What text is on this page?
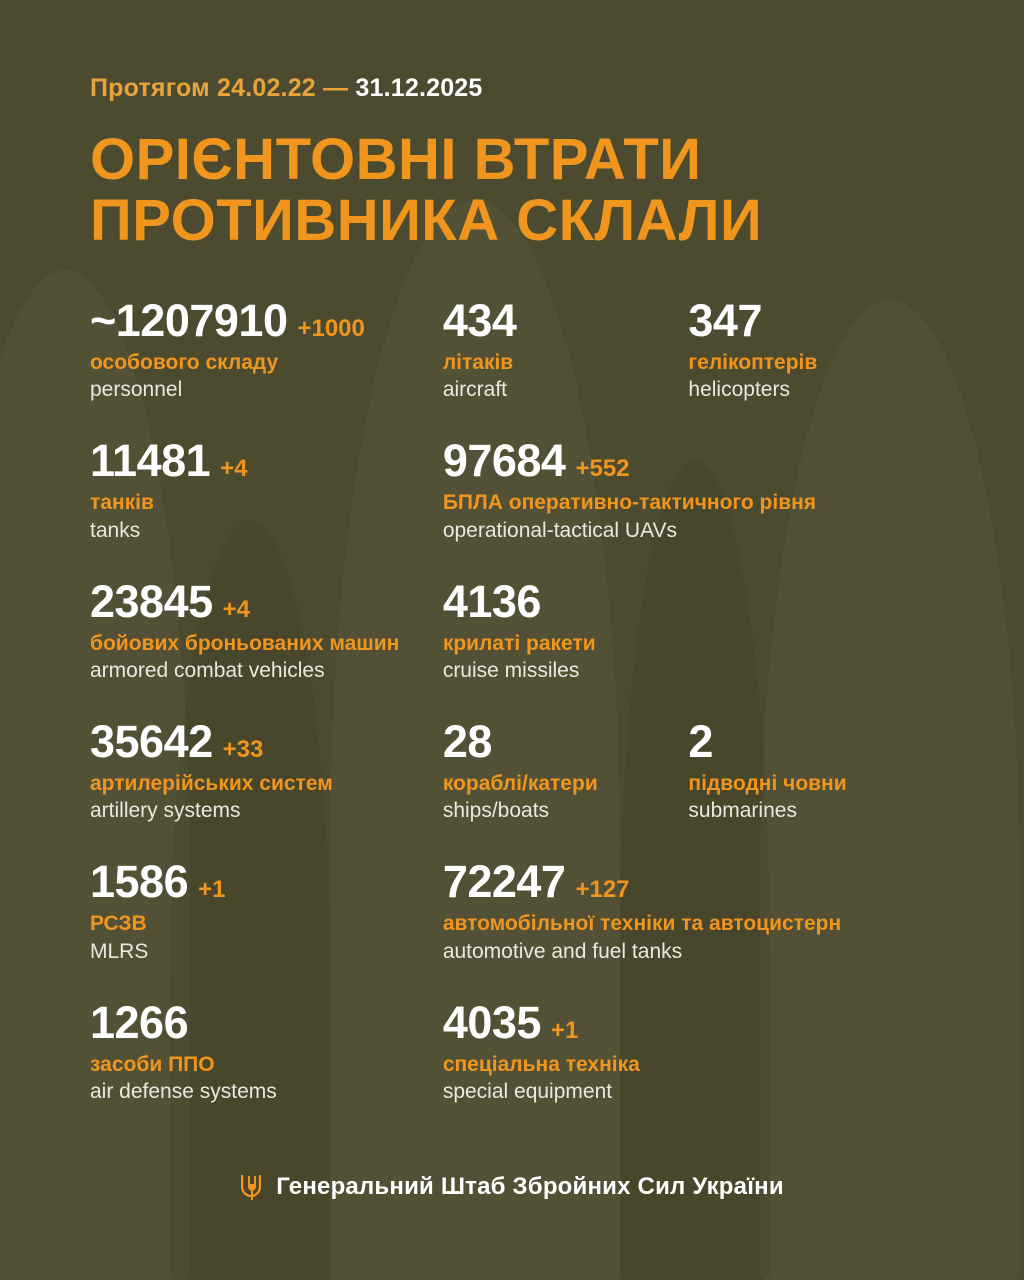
Протягом 24.02.22 — 31.12.2025
ОРІЄНТОВНІ ВТРАТИ
ПРОТИВНИКА СКЛАЛИ
~1207910 +1000
особового складу
personnel
434
літаків
aircraft
347
гелікоптерів
helicopters
11481 +4
танків
tanks
97684 +552
БПЛА оперативно-тактичного рівня
operational-tactical UAVs
23845 +4
бойових броньованих машин
armored combat vehicles
4136
крилаті ракети
cruise missiles
35642 +33
артилерійських систем
artillery systems
28
кораблі/катери
ships/boats
2
підводні човни
submarines
1586 +1
РСЗВ
MLRS
72247 +127
автомобільної техніки та автоцистерн
automotive and fuel tanks
1266
засоби ППО
air defense systems
4035 +1
спеціальна техніка
special equipment
Генеральний Штаб Збройних Сил України
